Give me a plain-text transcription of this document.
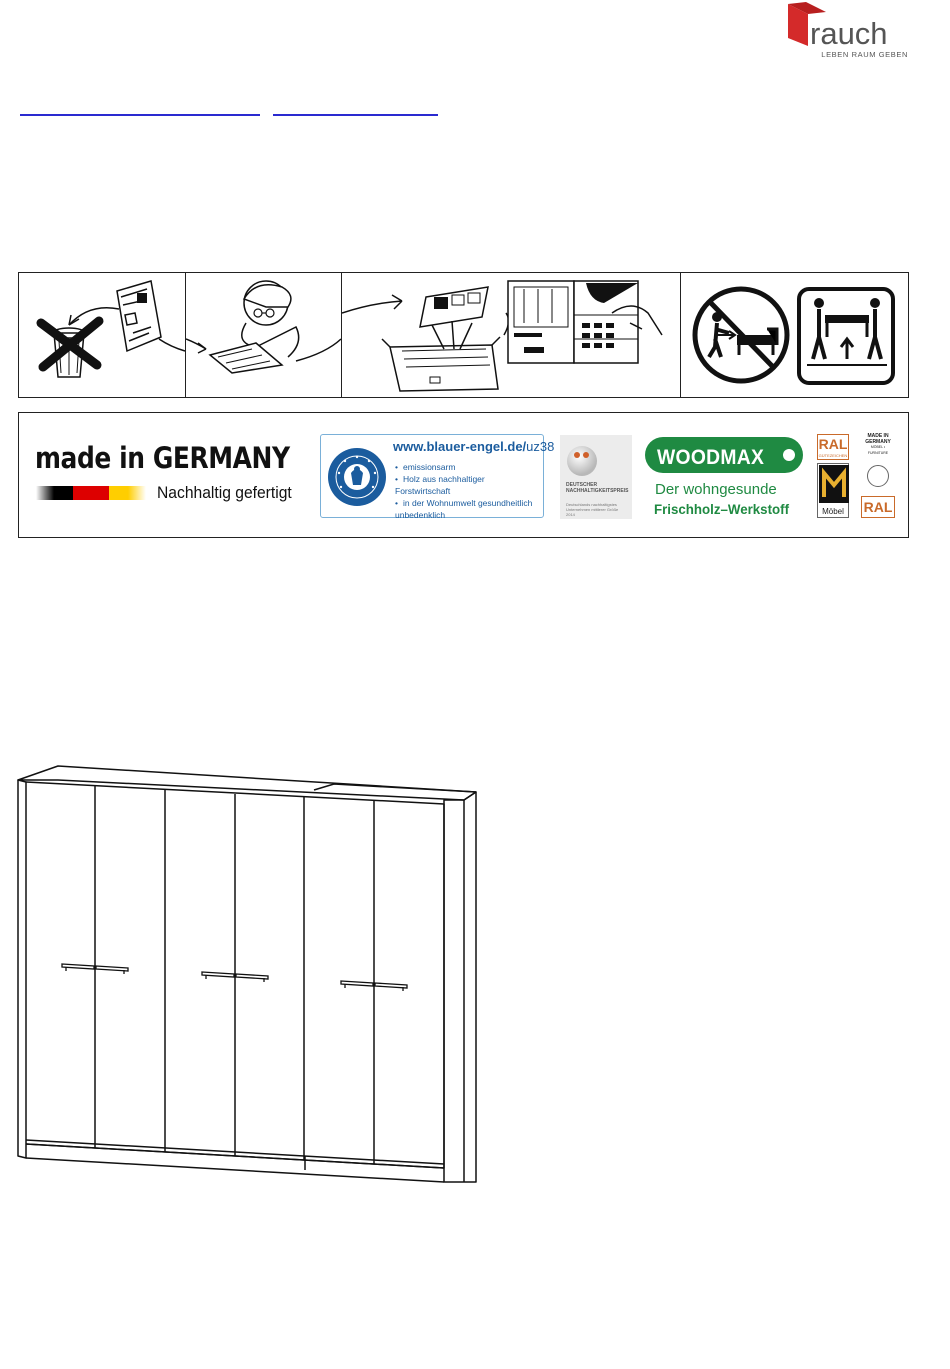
rauch
LEBEN RAUM GEBEN
made in GERMANY
Nachhaltig gefertigt
www.blauer-engel.de/uz38
• emissionsarm
• Holz aus nachhaltiger Forstwirtschaft
• in der Wohnumwelt gesundheitlich unbedenklich
DEUTSCHER NACHHALTIGKEITSPREIS
Deutschlands nachhaltigstes Unternehmen mittlerer Größe 2014
WOODMAX
Der wohngesunde
Frischholz–Werkstoff
RAL
GÜTEZEICHEN
Möbel
MADE IN GERMANY
MÖBEL • FURNITURE
RAL
